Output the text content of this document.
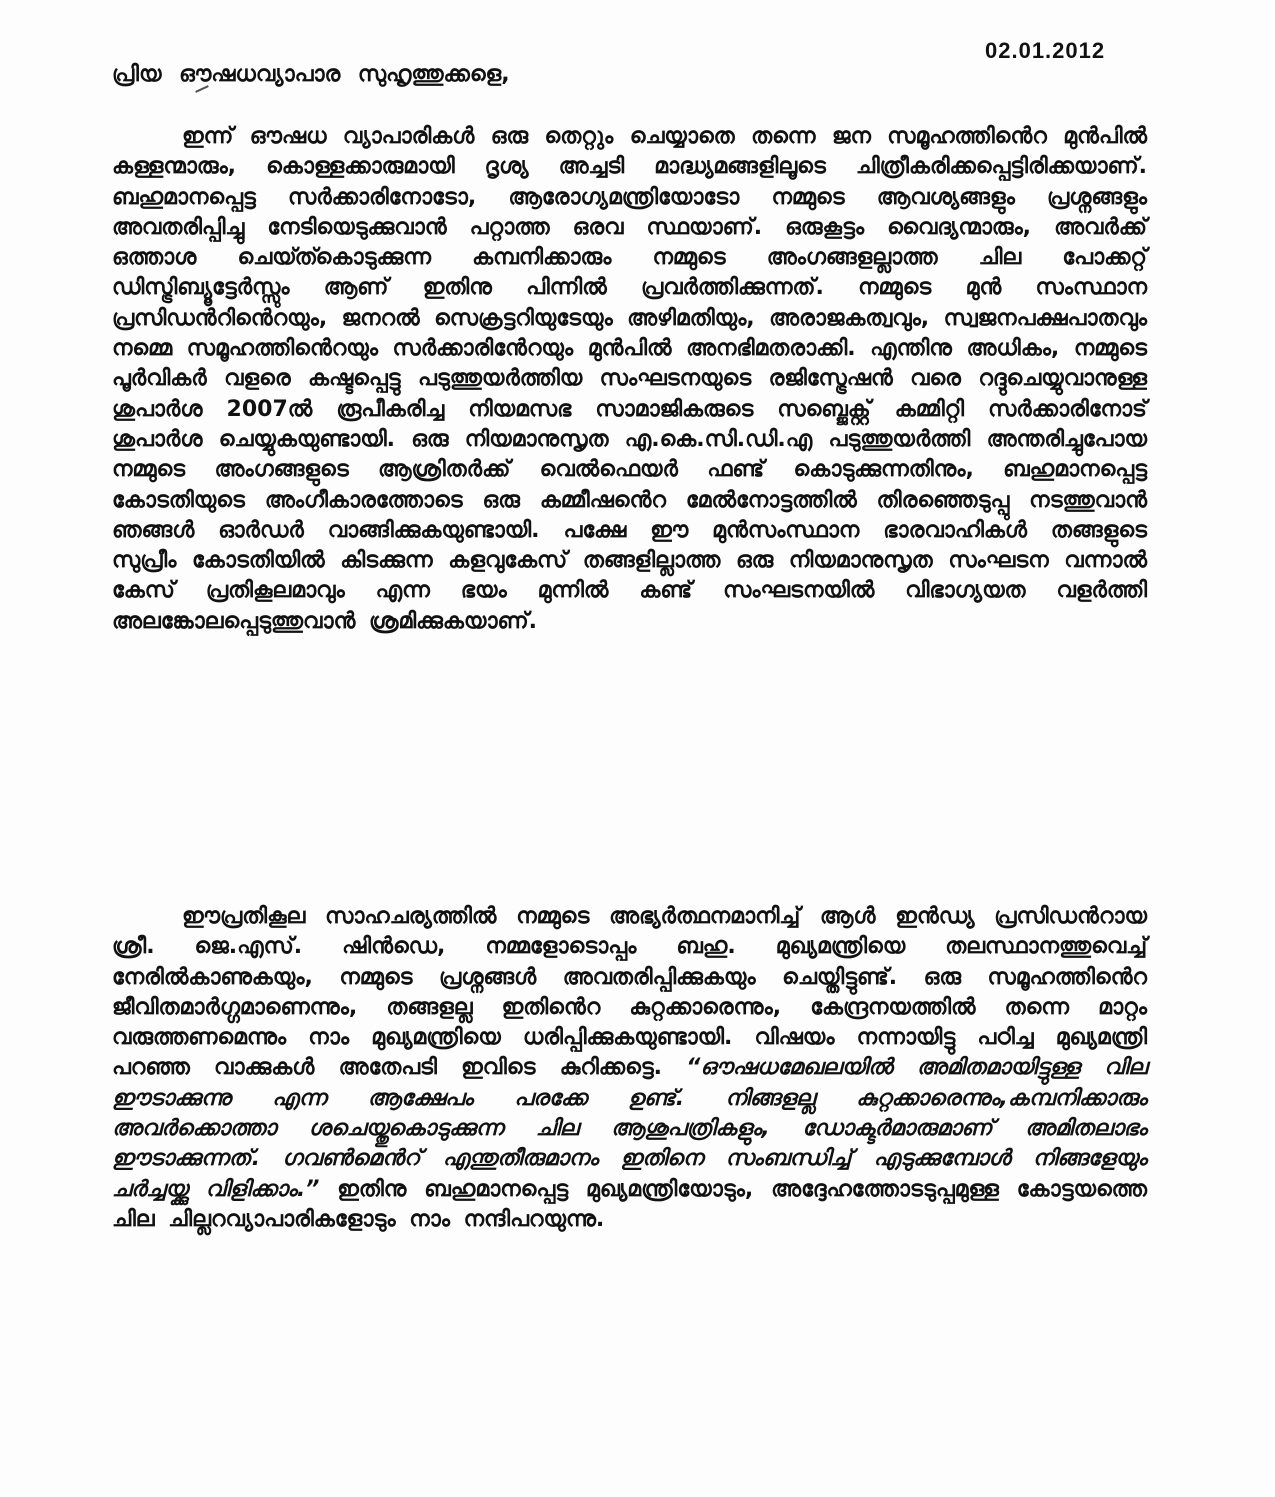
02.01.2012
പ്രിയ ഔഷധവ്യാപാര സുഹൃത്തുക്കളെ,

ഇന്ന് ഔഷധ വ്യാപാരികൾ ഒരു തെറ്റും ചെയ്യാതെ തന്നെ ജന സമൂഹത്തിൻെറ മുൻപിൽ കള്ളന്മാരും, കൊള്ളക്കാരുമായി ദൃശ്യ അച്ചടി മാദ്ധ്യമങ്ങളിലൂടെ ചിത്രീകരിക്കപ്പെട്ടിരിക്കയാണ്. ബഹുമാനപ്പെട്ട സർക്കാരിനോടോ, ആരോഗ്യമന്ത്രിയോടോ നമ്മുടെ ആവശ്യങ്ങളും പ്രശ്നങ്ങളും അവതരിപ്പിച്ചു നേടിയെടുക്കുവാൻ പറ്റാത്ത ഒരവ സ്ഥയാണ്. ഒരുകൂട്ടം വൈദ്യന്മാരും, അവർക്ക് ഒത്താശ ചെയ്ത്കൊടുക്കുന്ന കമ്പനിക്കാരും നമ്മുടെ അംഗങ്ങളല്ലാത്ത ചില പോക്കറ്റ് ഡിസ്ട്രിബ്യൂട്ടേർസ്സും ആണ് ഇതിനു പിന്നിൽ പ്രവർത്തിക്കുന്നത്. നമ്മുടെ മുൻ സംസ്ഥാന പ്രസിഡൻറിൻെറയും, ജനറൽ സെക്രട്ടറിയുടേയും അഴിമതിയും, അരാജകത്വവും, സ്വജനപക്ഷപാതവും നമ്മെ സമൂഹത്തിൻെറയും സർക്കാരിൻേറയും മുൻപിൽ അനഭിമതരാക്കി. എന്തിനു അധികം, നമ്മുടെ പൂർവികർ വളരെ കഷ്ടപ്പെട്ടു പടുത്തുയർത്തിയ സംഘടനയുടെ രജിസ്ട്രേഷൻ വരെ റദ്ദുചെയ്യുവാനുള്ള ശുപാർശ 2007ൽ രൂപീകരിച്ച നിയമസഭ സാമാജികരുടെ സബ്ജെക്റ്റ് കമ്മിറ്റി സർക്കാരിനോട് ശുപാർശ ചെയ്യുകയുണ്ടായി. ഒരു നിയമാനുസൃത എ.കെ.സി.ഡി.എ പടുത്തുയർത്തി അന്തരിച്ചുപോയ നമ്മുടെ അംഗങ്ങളുടെ ആശ്രിതർക്ക് വെൽഫെയർ ഫണ്ട് കൊടുക്കുന്നതിനും, ബഹുമാനപ്പെട്ട കോടതിയുടെ അംഗീകാരത്തോടെ ഒരു കമ്മീഷൻെറ മേൽനോട്ടത്തിൽ തിരഞ്ഞെടുപ്പു നടത്തുവാൻ ഞങ്ങൾ ഓർഡർ വാങ്ങിക്കുകയുണ്ടായി. പക്ഷേ ഈ മുൻസംസ്ഥാന ഭാരവാഹികൾ തങ്ങളുടെ സുപ്രീം കോടതിയിൽ കിടക്കുന്ന കളവുകേസ് തങ്ങളില്ലാത്ത ഒരു നിയമാനുസൃത സംഘടന വന്നാൽ കേസ് പ്രതികൂലമാവും എന്ന ഭയം മുന്നിൽ കണ്ട് സംഘടനയിൽ വിഭാഗ്യയത വളർത്തി അലങ്കോലപ്പെടുത്തുവാൻ ശ്രമിക്കുകയാണ്.

ഈപ്രതികൂല സാഹചര്യത്തിൽ നമ്മുടെ അഭ്യർത്ഥനമാനിച്ച് ആൾ ഇൻഡ്യ പ്രസിഡൻറായ ശ്രീ. ജെ.എസ്. ഷിൻഡെ, നമ്മളോടൊപ്പം ബഹു. മുഖ്യമന്ത്രിയെ തലസ്ഥാനത്തുവെച്ച് നേരിൽകാണുകയും, നമ്മുടെ പ്രശ്നങ്ങൾ അവതരിപ്പിക്കുകയും ചെയ്തിട്ടുണ്ട്. ഒരു സമൂഹത്തിൻെറ ജീവിതമാർഗ്ഗമാണെന്നും, തങ്ങളല്ല ഇതിൻെറ കുറ്റക്കാരെന്നും, കേന്ദ്രനയത്തിൽ തന്നെ മാറ്റം വരുത്തണമെന്നും നാം മുഖ്യമന്ത്രിയെ ധരിപ്പിക്കുകയുണ്ടായി. വിഷയം നന്നായിട്ടു പഠിച്ച മുഖ്യമന്ത്രി പറഞ്ഞ വാക്കുകൾ അതേപടി ഇവിടെ കുറിക്കട്ടെ. “ഔഷധമേഖലയിൽ അമിതമായിട്ടുള്ള വില ഈടാക്കുന്നു എന്ന ആക്ഷേപം പരക്കേ ഉണ്ട്. നിങ്ങളല്ല കുറ്റക്കാരെന്നും,കമ്പനിക്കാരും അവർക്കൊത്താ ശചെയ്തുകൊടുക്കുന്ന ചില ആശുപത്രികളും, ഡോക്ടർമാരുമാണ് അമിതലാഭം ഈടാക്കുന്നത്. ഗവൺമെൻറ് എന്തുതീരുമാനം ഇതിനെ സംബന്ധിച്ച് എടുക്കുമ്പോൾ നിങ്ങളേയും ചർച്ചയ്ക്കു വിളിക്കാം.” ഇതിനു ബഹുമാനപ്പെട്ട മുഖ്യമന്ത്രിയോടും, അദ്ദേഹത്തോടടുപ്പമുള്ള കോട്ടയത്തെ ചില ചില്ലറവ്യാപാരികളോടും നാം നന്ദിപറയുന്നു.
